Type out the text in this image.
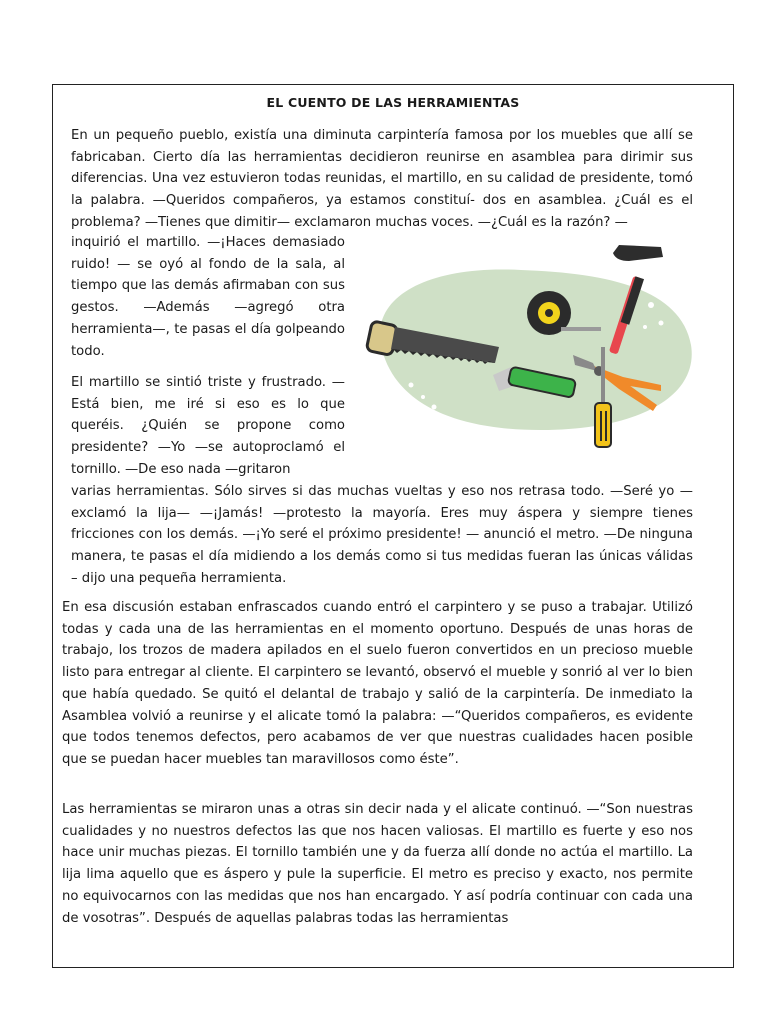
EL CUENTO DE LAS HERRAMIENTAS

En un pequeño pueblo, existía una diminuta carpintería famosa por los muebles que allí se fabricaban. Cierto día las herramientas decidieron reunirse en asamblea para dirimir sus diferencias. Una vez estuvieron todas reunidas, el martillo, en su calidad de presidente, tomó la palabra. —Queridos compañeros, ya estamos constituí- dos en asamblea. ¿Cuál es el problema? —Tienes que dimitir— exclamaron muchas voces. —¿Cuál es la razón? —

inquirió el martillo. —¡Haces demasiado ruido! — se oyó al fondo de la sala, al tiempo que las demás afirmaban con sus gestos. —Además —agregó otra herramienta—, te pasas el día golpeando todo.

El martillo se sintió triste y frustrado. —Está bien, me iré si eso es lo que queréis. ¿Quién se propone como presidente? —Yo —se autoproclamó el tornillo. —De eso nada —gritaron

varias herramientas. Sólo sirves si das muchas vueltas y eso nos retrasa todo. —Seré yo —exclamó la lija— —¡Jamás! —protesto la mayoría. Eres muy áspera y siempre tienes fricciones con los demás. —¡Yo seré el próximo presidente! — anunció el metro. —De ninguna manera, te pasas el día midiendo a los demás como si tus medidas fueran las únicas válidas – dijo una pequeña herramienta.

En esa discusión estaban enfrascados cuando entró el carpintero y se puso a trabajar. Utilizó todas y cada una de las herramientas en el momento oportuno. Después de unas horas de trabajo, los trozos de madera apilados en el suelo fueron convertidos en un precioso mueble listo para entregar al cliente. El carpintero se levantó, observó el mueble y sonrió al ver lo bien que había quedado. Se quitó el delantal de trabajo y salió de la carpintería. De inmediato la Asamblea volvió a reunirse y el alicate tomó la palabra: —“Queridos compañeros, es evidente que todos tenemos defectos, pero acabamos de ver que nuestras cualidades hacen posible que se puedan hacer muebles tan maravillosos como éste”.

Las herramientas se miraron unas a otras sin decir nada y el alicate continuó. —“Son nuestras cualidades y no nuestros defectos las que nos hacen valiosas. El martillo es fuerte y eso nos hace unir muchas piezas. El tornillo también une y da fuerza allí donde no actúa el martillo. La lija lima aquello que es áspero y pule la superficie. El metro es preciso y exacto, nos permite no equivocarnos con las medidas que nos han encargado. Y así podría continuar con cada una de vosotras”. Después de aquellas palabras todas las herramientas
